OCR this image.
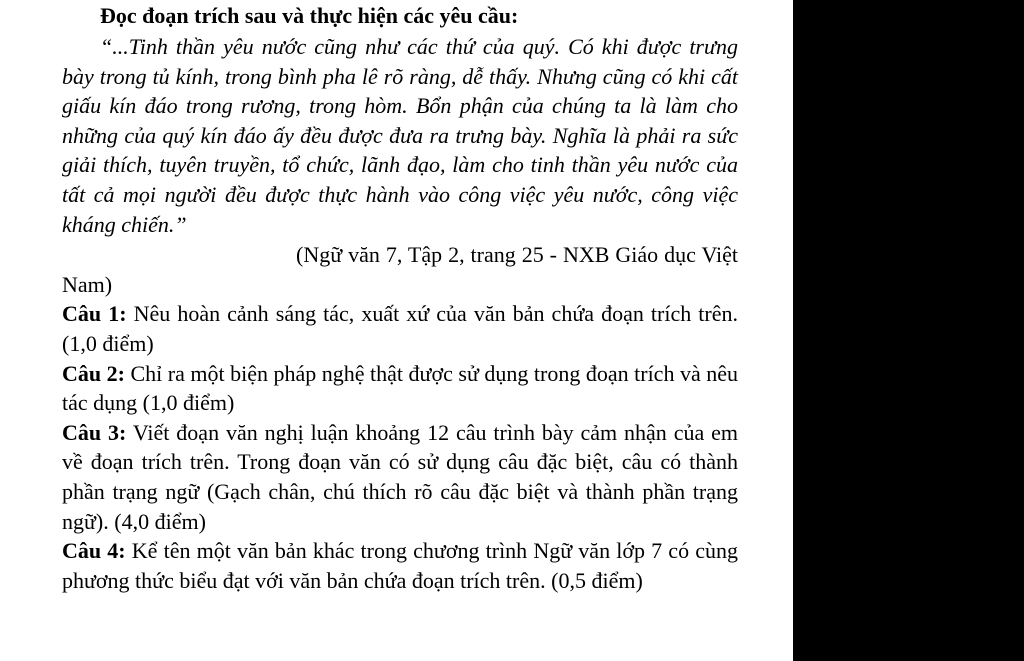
Đọc đoạn trích sau và thực hiện các yêu cầu:

“...Tinh thần yêu nước cũng như các thứ của quý. Có khi được trưng bày trong tủ kính, trong bình pha lê rõ ràng, dễ thấy. Nhưng cũng có khi cất giấu kín đáo trong rương, trong hòm. Bổn phận của chúng ta là làm cho những của quý kín đáo ấy đều được đưa ra trưng bày. Nghĩa là phải ra sức giải thích, tuyên truyền, tổ chức, lãnh đạo, làm cho tinh thần yêu nước của tất cả mọi người đều được thực hành vào công việc yêu nước, công việc kháng chiến.”

(Ngữ văn 7, Tập 2, trang 25 - NXB Giáo dục Việt Nam)

Câu 1: Nêu hoàn cảnh sáng tác, xuất xứ của văn bản chứa đoạn trích trên. (1,0 điểm)

Câu 2: Chỉ ra một biện pháp nghệ thật được sử dụng trong đoạn trích và nêu tác dụng (1,0 điểm)

Câu 3: Viết đoạn văn nghị luận khoảng 12 câu trình bày cảm nhận của em về đoạn trích trên. Trong đoạn văn có sử dụng câu đặc biệt, câu có thành phần trạng ngữ (Gạch chân, chú thích rõ câu đặc biệt và thành phần trạng ngữ). (4,0 điểm)

Câu 4: Kể tên một văn bản khác trong chương trình Ngữ văn lớp 7 có cùng phương thức biểu đạt với văn bản chứa đoạn trích trên. (0,5 điểm)
